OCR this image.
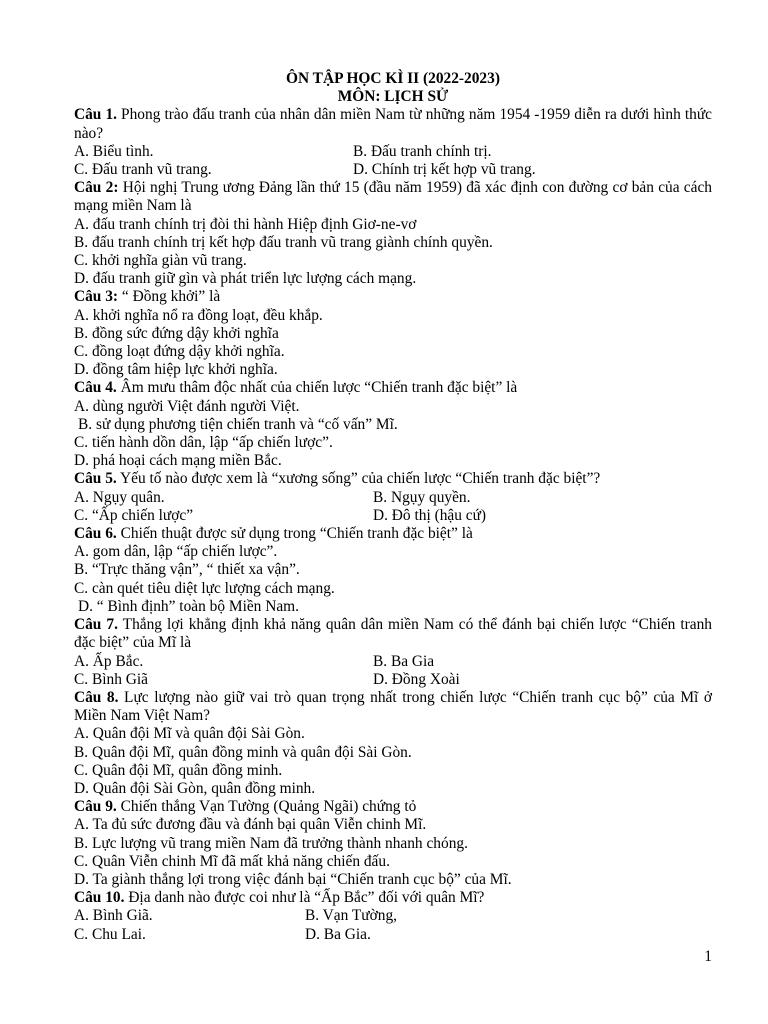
ÔN TẬP HỌC KÌ II (2022-2023)
MÔN: LỊCH SỬ
Câu 1. Phong trào đấu tranh của nhân dân miền Nam từ những năm 1954 -1959 diễn ra dưới hình thức nào?
A. Biểu tình.	B. Đấu tranh chính trị.
C. Đấu tranh vũ trang.	D. Chính trị kết hợp vũ trang.
Câu 2: Hội nghị Trung ương Đảng lần thứ 15 (đầu năm 1959) đã xác định con đường cơ bản của cách mạng miền Nam là
A. đấu tranh chính trị đòi thi hành Hiệp định Giơ-ne-vơ
B. đấu tranh chính trị kết hợp đấu tranh vũ trang giành chính quyền.
C. khởi nghĩa giàn vũ trang.
D. đấu tranh giữ gìn và phát triển lực lượng cách mạng.
Câu 3: “ Đồng khởi” là
A. khởi nghĩa nổ ra đồng loạt, đều khắp.
B. đồng sức đứng dậy khởi nghĩa
C. đồng loạt đứng dậy khởi nghĩa.
D. đồng tâm hiệp lực khởi nghĩa.
Câu 4. Âm mưu thâm độc nhất của chiến lược “Chiến tranh đặc biệt” là
A. dùng người Việt đánh người Việt.
B. sử dụng phương tiện chiến tranh và “cố vấn” Mĩ.
C. tiến hành dồn dân, lập “ấp chiến lược”.
D. phá hoại cách mạng miền Bắc.
Câu 5. Yếu tố nào được xem là “xương sống” của chiến lược “Chiến tranh đặc biệt”?
A. Ngụy quân.	B. Ngụy quyền.
C. “Ấp chiến lược”	D. Đô thị (hậu cứ)
Câu 6. Chiến thuật được sử dụng trong “Chiến tranh đặc biệt” là
A. gom dân, lập “ấp chiến lược”.
B. “Trực thăng vận”, “ thiết xa vận”.
C. càn quét tiêu diệt lực lượng cách mạng.
D. “ Bình định” toàn bộ Miền Nam.
Câu 7. Thắng lợi khẳng định khả năng quân dân miền Nam có thể đánh bại chiến lược “Chiến tranh đặc biệt” của Mĩ là
A. Ấp Bắc.	B. Ba Gia
C. Bình Giã	D. Đồng Xoài
Câu 8. Lực lượng nào giữ vai trò quan trọng nhất trong chiến lược “Chiến tranh cục bộ” của Mĩ ở Miền Nam Việt Nam?
A. Quân đội Mĩ và quân đội Sài Gòn.
B. Quân đội Mĩ, quân đồng minh và quân đội Sài Gòn.
C. Quân đội Mĩ, quân đồng minh.
D. Quân đội Sài Gòn, quân đồng minh.
Câu 9. Chiến thắng Vạn Tường (Quảng Ngãi) chứng tỏ
A. Ta đủ sức đương đầu và đánh bại quân Viễn chinh Mĩ.
B. Lực lượng vũ trang miền Nam đã trưởng thành nhanh chóng.
C. Quân Viễn chinh Mĩ đã mất khả năng chiến đấu.
D. Ta giành thắng lợi trong việc đánh bại “Chiến tranh cục bộ” của Mĩ.
Câu 10. Địa danh nào được coi như là “Ấp Bắc” đối với quân Mĩ?
A. Bình Giã.	B. Vạn Tường,
C. Chu Lai.	D. Ba Gia.
1
